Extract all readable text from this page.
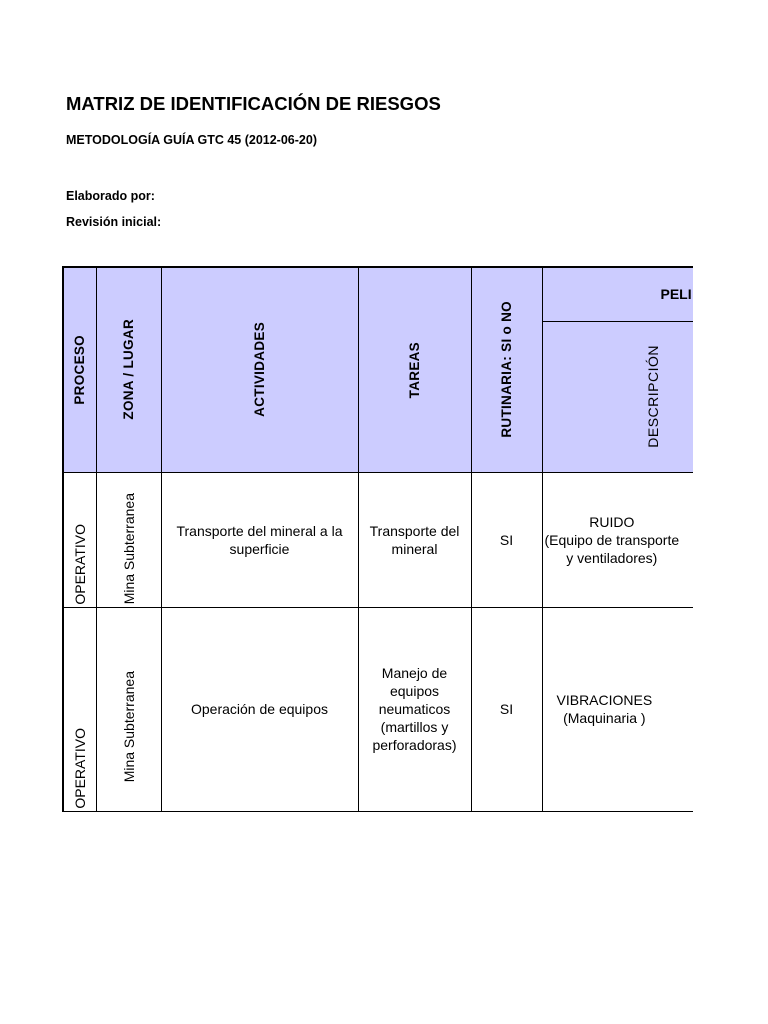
MATRIZ DE IDENTIFICACIÓN DE RIESGOS
METODOLOGÍA GUÍA GTC 45 (2012-06-20)
Elaborado por:
Revisión inicial:
PROCESO	ZONA / LUGAR	ACTIVIDADES	TAREAS	RUTINARIA: SI o NO	PELI

					DESCRIPCIÓN

OPERATIVO	Mina Subterranea	Transporte del mineral a la superficie	Transporte del mineral	SI	RUIDO
(Equipo de transporte
y ventiladores)

OPERATIVO	Mina Subterranea	Operación de equipos	Manejo de
equipos
neumaticos
(martillos y
perforadoras)	SI	VIBRACIONES
(Maquinaria )
